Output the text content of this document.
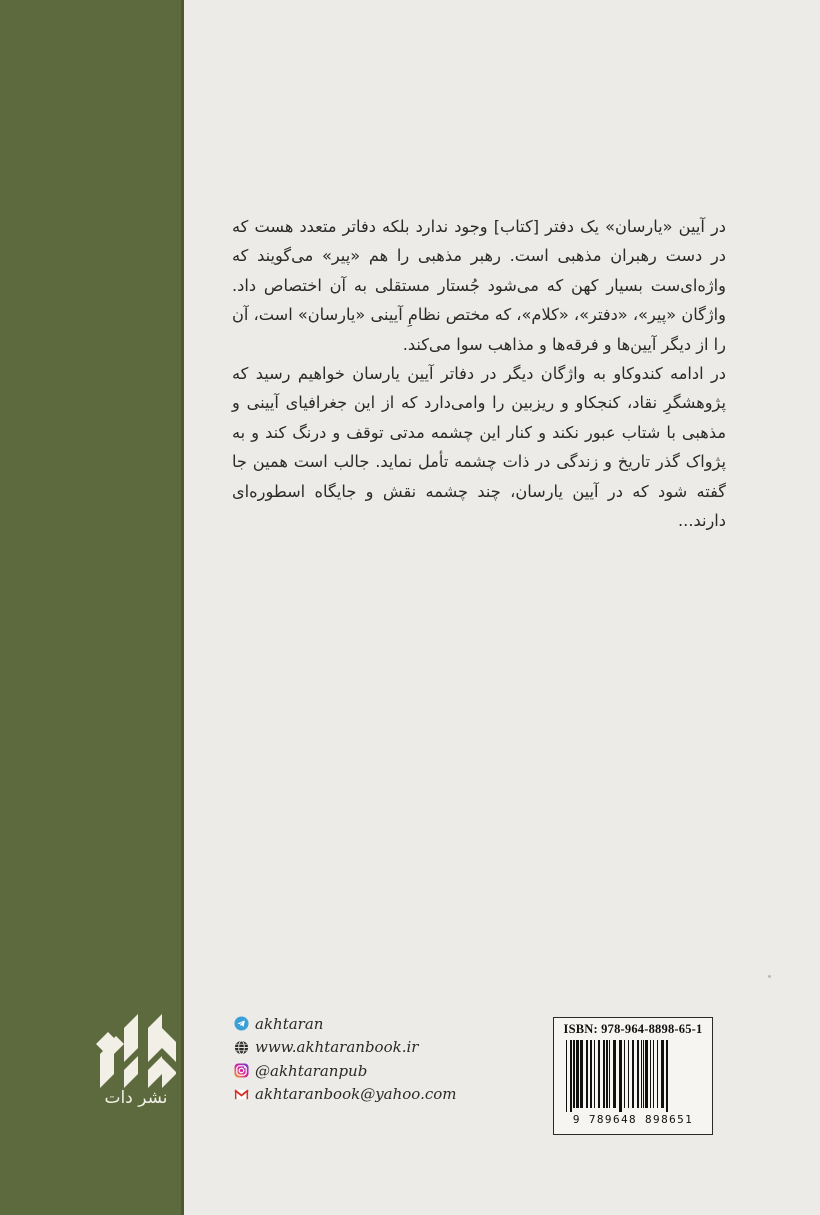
نشر دات

در آیین «یارسان» یک دفتر [کتاب] وجود ندارد بلکه دفاتر متعدد هست که در دست رهبران مذهبی است. رهبر مذهبی را هم «پیر» می‌گویند که واژه‌ای‌ست بسیار کهن که می‌شود جُستار مستقلی به آن اختصاص داد. واژگان «پیر»، «دفتر»، «کلام»، که مختص نظامِ آیینی «یارسان» است، آن را از دیگر آیین‌ها و فرقه‌ها و مذاهب سوا می‌کند.

در ادامه کندوکاو به واژگان دیگر در دفاتر آیین یارسان خواهیم رسید که پژوهشگرِ نقاد، کنجکاو و ریزبین را وامی‌دارد که از این جغرافیای آیینی و مذهبی با شتاب عبور نکند و کنار این چشمه مدتی توقف و درنگ کند و به پژواک گذر تاریخ و زندگی در ذات چشمه تأمل نماید. جالب است همین جا گفته شود که در آیین یارسان، چند چشمه نقش و جایگاه اسطوره‌ای دارند...

akhtaran
www.akhtaranbook.ir
@akhtaranpub
akhtaranbook@yahoo.com
ISBN: 978-964-8898-65-1
9 789648 898651
